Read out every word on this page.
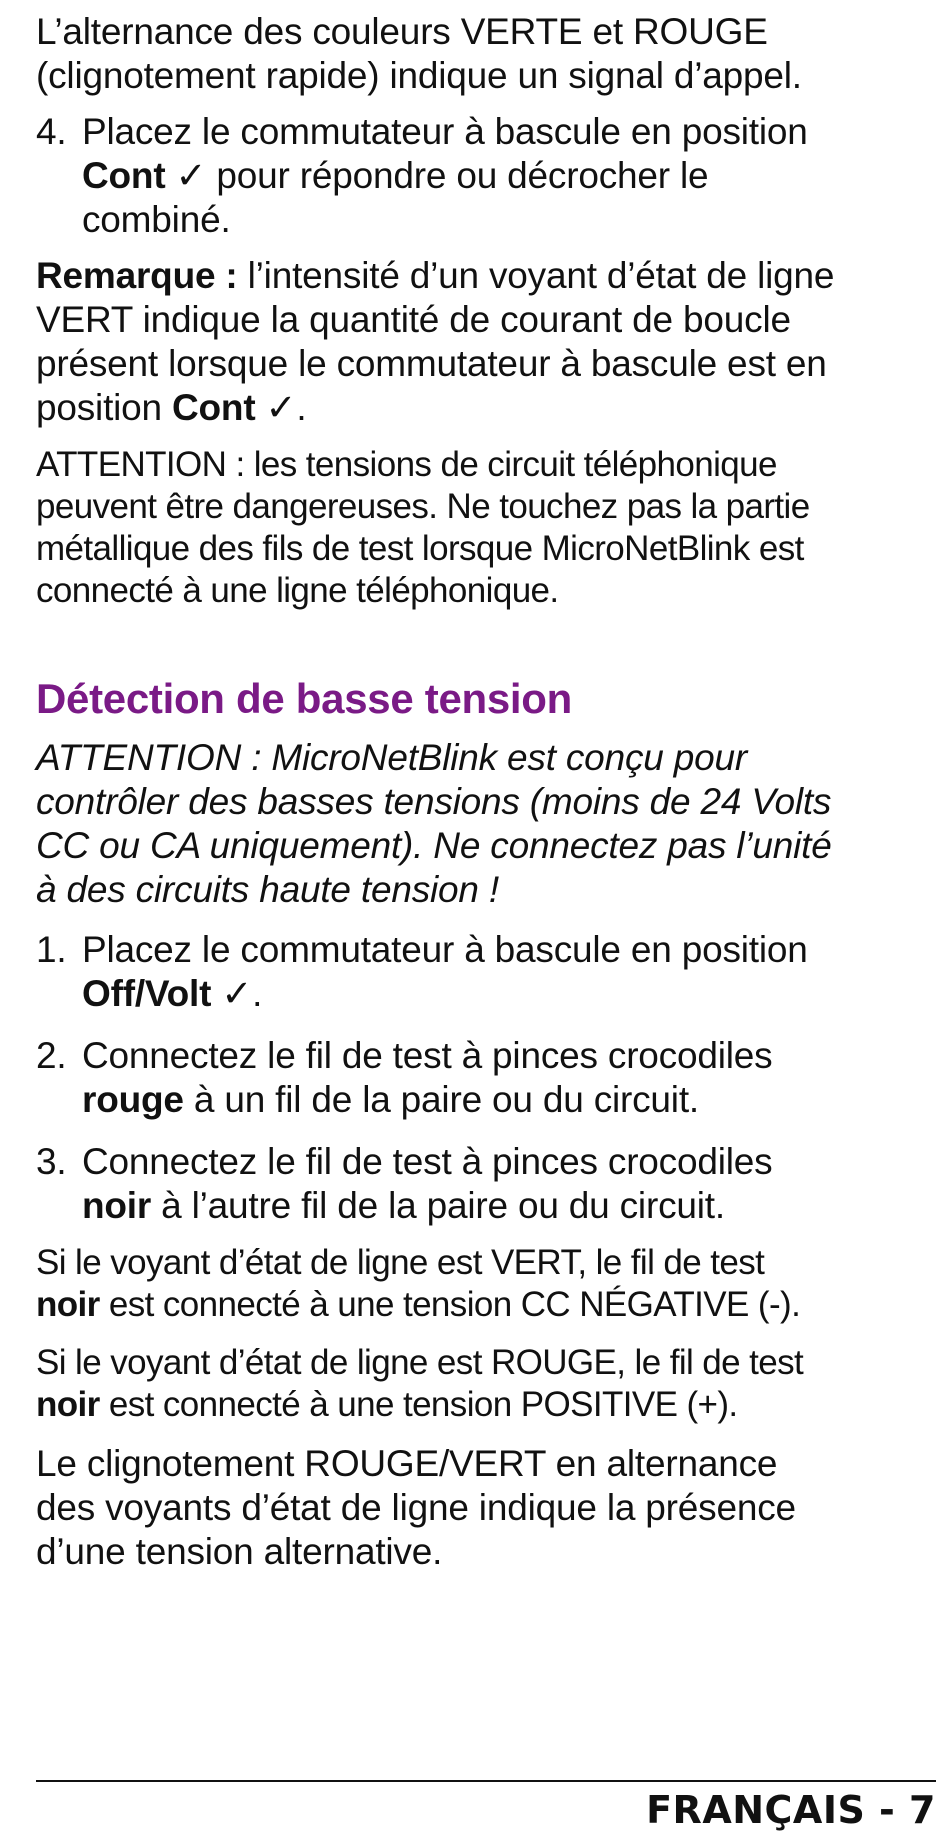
L’alternance des couleurs VERTE et ROUGE
(clignotement rapide) indique un signal d’appel.

4. Placez le commutateur à bascule en position
Cont ✓ pour répondre ou décrocher le
combiné.

Remarque : l’intensité d’un voyant d’état de ligne
VERT indique la quantité de courant de boucle
présent lorsque le commutateur à bascule est en
position Cont ✓.

ATTENTION : les tensions de circuit téléphonique
peuvent être dangereuses. Ne touchez pas la partie
métallique des fils de test lorsque MicroNetBlink est
connecté à une ligne téléphonique.

Détection de basse tension

ATTENTION : MicroNetBlink est conçu pour
contrôler des basses tensions (moins de 24 Volts
CC ou CA uniquement). Ne connectez pas l’unité
à des circuits haute tension !

1. Placez le commutateur à bascule en position
Off/Volt ✓.

2. Connectez le fil de test à pinces crocodiles
rouge à un fil de la paire ou du circuit.

3. Connectez le fil de test à pinces crocodiles
noir à l’autre fil de la paire ou du circuit.

Si le voyant d’état de ligne est VERT, le fil de test
noir est connecté à une tension CC NÉGATIVE (-).

Si le voyant d’état de ligne est ROUGE, le fil de test
noir est connecté à une tension POSITIVE (+).

Le clignotement ROUGE/VERT en alternance
des voyants d’état de ligne indique la présence
d’une tension alternative.

FRANÇAIS - 7
